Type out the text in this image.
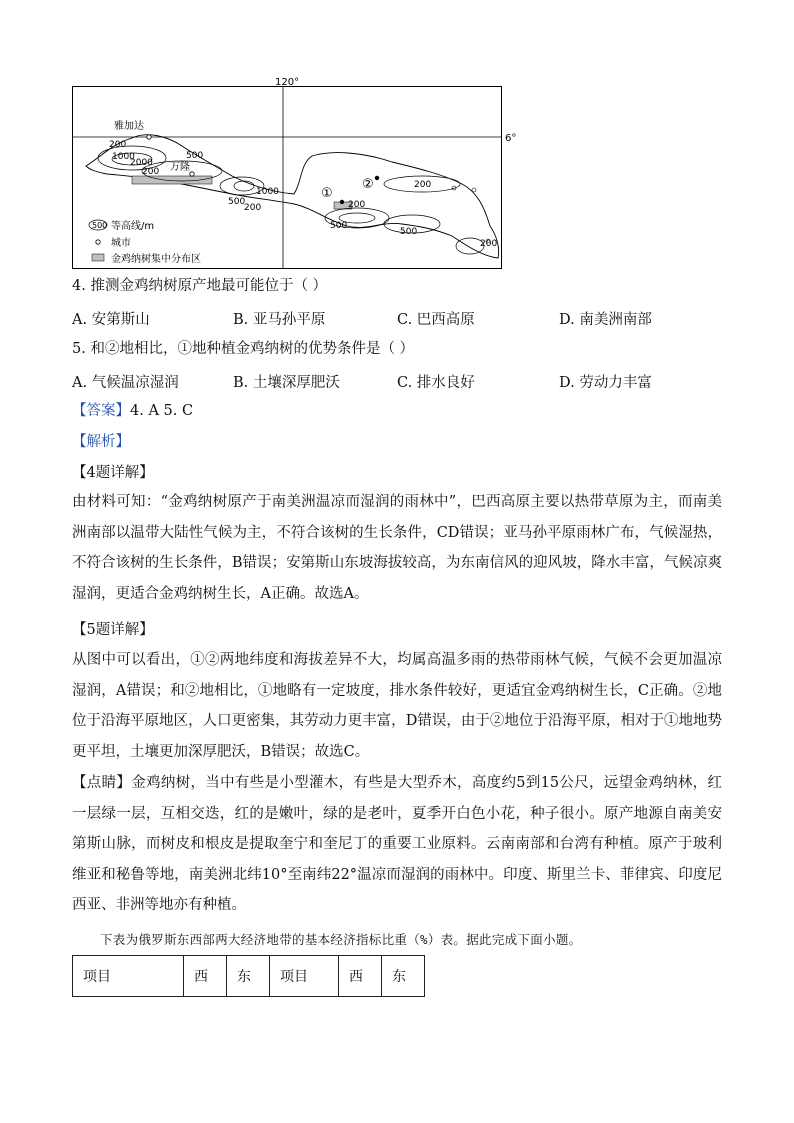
120°
6°
200
1000
2000
500
1000
500
200
200
500
200
500
200
200
雅加达
万隆
①
②
500 等高线/m
城市
金鸡纳树集中分布区
4. 推测金鸡纳树原产地最可能位于（ ）
A. 安第斯山	B. 亚马孙平原	C. 巴西高原	D. 南美洲南部
5. 和②地相比，①地种植金鸡纳树的优势条件是（ ）
A. 气候温凉湿润	B. 土壤深厚肥沃	C. 排水良好	D. 劳动力丰富
【答案】4. A 5. C
【解析】
【4题详解】
由材料可知：“金鸡纳树原产于南美洲温凉而湿润的雨林中”，巴西高原主要以热带草原为主，而南美洲南部以温带大陆性气候为主，不符合该树的生长条件，CD错误；亚马孙平原雨林广布，气候湿热，不符合该树的生长条件，B错误；安第斯山东坡海拔较高，为东南信风的迎风坡，降水丰富，气候凉爽湿润，更适合金鸡纳树生长，A正确。故选A。
【5题详解】
从图中可以看出，①②两地纬度和海拔差异不大，均属高温多雨的热带雨林气候，气候不会更加温凉湿润，A错误；和②地相比，①地略有一定坡度，排水条件较好，更适宜金鸡纳树生长，C正确。②地位于沿海平原地区，人口更密集，其劳动力更丰富，D错误，由于②地位于沿海平原，相对于①地地势更平坦，土壤更加深厚肥沃，B错误；故选C。
【点睛】金鸡纳树，当中有些是小型灌木，有些是大型乔木，高度约5到15公尺，远望金鸡纳林，红一层绿一层，互相交迭，红的是嫩叶，绿的是老叶，夏季开白色小花，种子很小。原产地源自南美安第斯山脉，而树皮和根皮是提取奎宁和奎尼丁的重要工业原料。云南南部和台湾有种植。原产于玻利维亚和秘鲁等地，南美洲北纬10°至南纬22°温凉而湿润的雨林中。印度、斯里兰卡、菲律宾、印度尼西亚、非洲等地亦有种植。
下表为俄罗斯东西部两大经济地带的基本经济指标比重（%）表。据此完成下面小题。
项目	西	东	项目	西	东
